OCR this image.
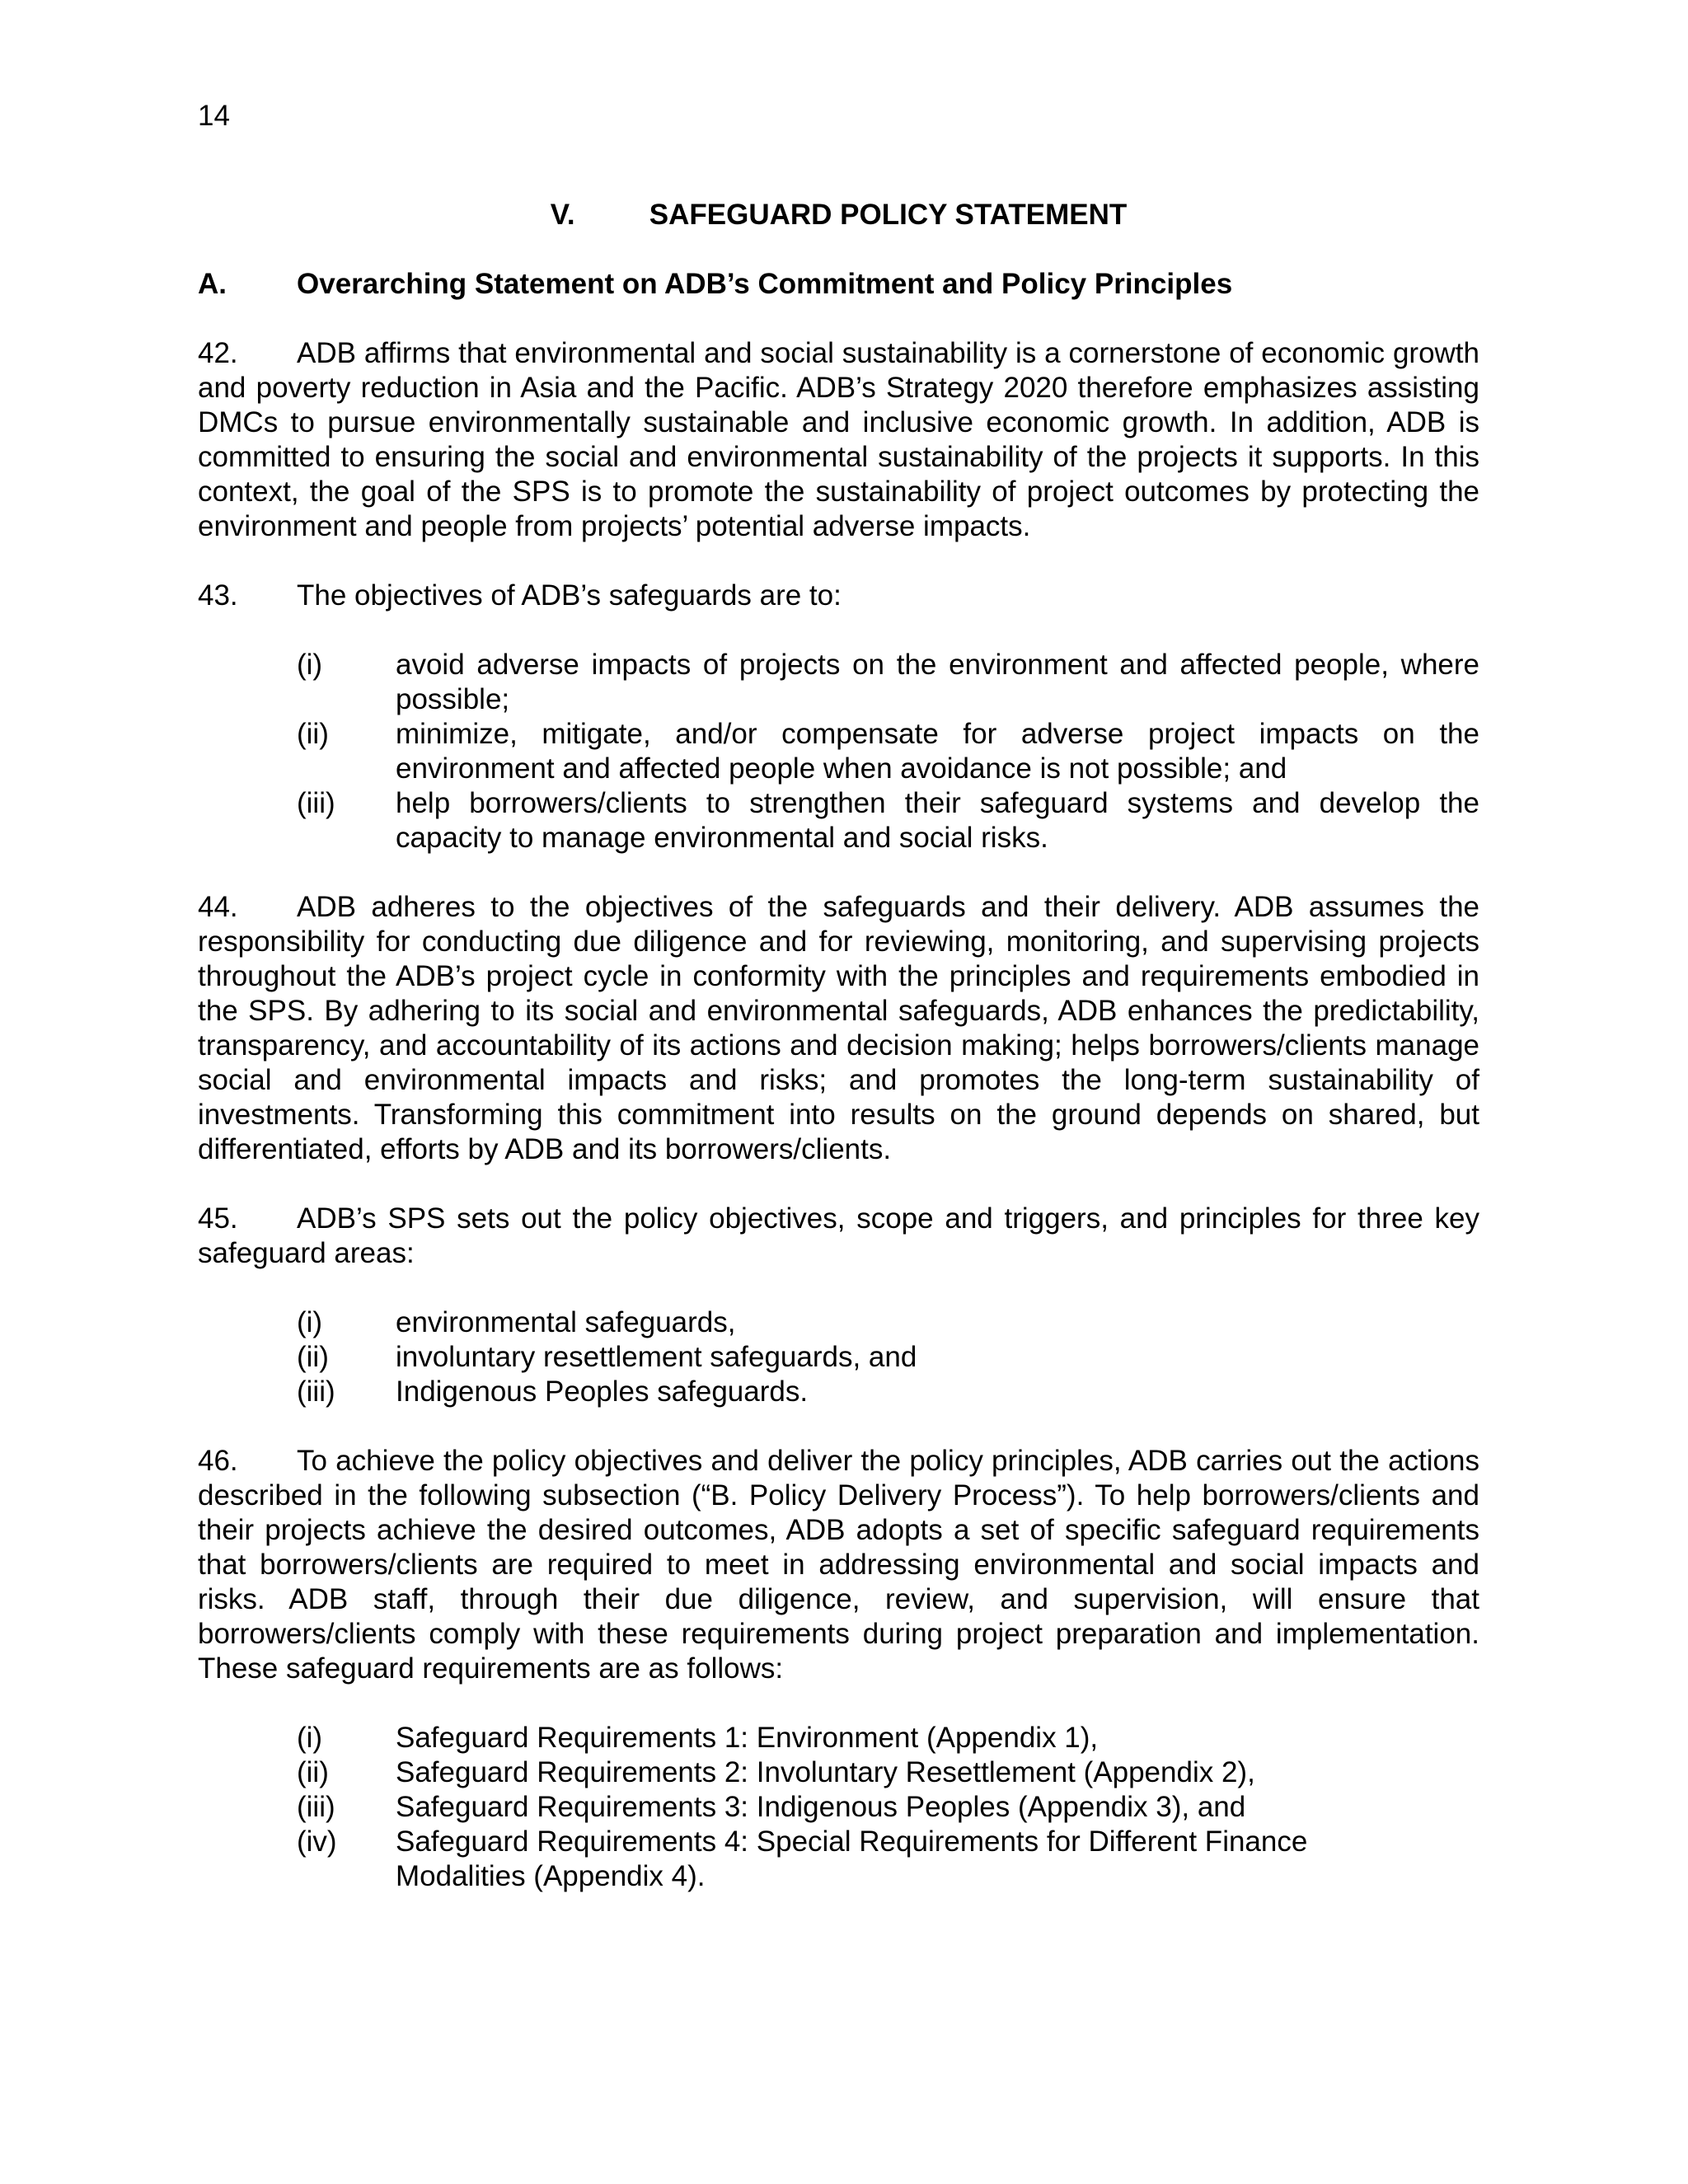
14
V.	SAFEGUARD POLICY STATEMENT
A.	Overarching Statement on ADB’s Commitment and Policy Principles
42. ADB affirms that environmental and social sustainability is a cornerstone of economic growth and poverty reduction in Asia and the Pacific. ADB’s Strategy 2020 therefore emphasizes assisting DMCs to pursue environmentally sustainable and inclusive economic growth. In addition, ADB is committed to ensuring the social and environmental sustainability of the projects it supports. In this context, the goal of the SPS is to promote the sustainability of project outcomes by protecting the environment and people from projects’ potential adverse impacts.
43. The objectives of ADB’s safeguards are to:
(i)	avoid adverse impacts of projects on the environment and affected people, where possible;
(ii)	minimize, mitigate, and/or compensate for adverse project impacts on the environment and affected people when avoidance is not possible; and
(iii)	help borrowers/clients to strengthen their safeguard systems and develop the capacity to manage environmental and social risks.
44. ADB adheres to the objectives of the safeguards and their delivery. ADB assumes the responsibility for conducting due diligence and for reviewing, monitoring, and supervising projects throughout the ADB’s project cycle in conformity with the principles and requirements embodied in the SPS. By adhering to its social and environmental safeguards, ADB enhances the predictability, transparency, and accountability of its actions and decision making; helps borrowers/clients manage social and environmental impacts and risks; and promotes the long-term sustainability of investments. Transforming this commitment into results on the ground depends on shared, but differentiated, efforts by ADB and its borrowers/clients.
45. ADB’s SPS sets out the policy objectives, scope and triggers, and principles for three key safeguard areas:
(i)	environmental safeguards,
(ii)	involuntary resettlement safeguards, and
(iii)	Indigenous Peoples safeguards.
46. To achieve the policy objectives and deliver the policy principles, ADB carries out the actions described in the following subsection (“B. Policy Delivery Process”). To help borrowers/clients and their projects achieve the desired outcomes, ADB adopts a set of specific safeguard requirements that borrowers/clients are required to meet in addressing environmental and social impacts and risks. ADB staff, through their due diligence, review, and supervision, will ensure that borrowers/clients comply with these requirements during project preparation and implementation. These safeguard requirements are as follows:
(i)	Safeguard Requirements 1: Environment (Appendix 1),
(ii)	Safeguard Requirements 2: Involuntary Resettlement (Appendix 2),
(iii)	Safeguard Requirements 3: Indigenous Peoples (Appendix 3), and
(iv)	Safeguard Requirements 4: Special Requirements for Different Finance Modalities (Appendix 4).
